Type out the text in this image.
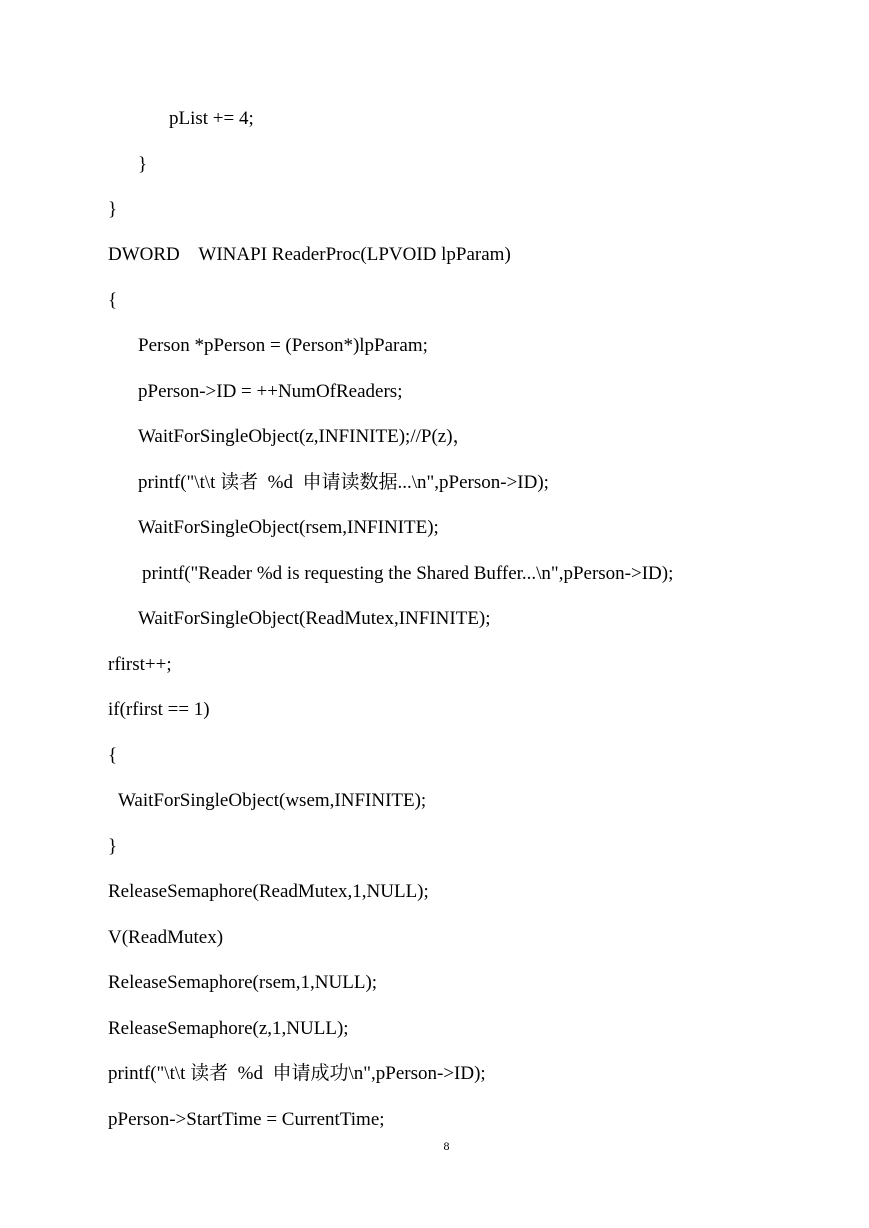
pList += 4;
}
}
DWORD    WINAPI ReaderProc(LPVOID lpParam)
{
Person *pPerson = (Person*)lpParam;
pPerson->ID = ++NumOfReaders;
WaitForSingleObject(z,INFINITE);//P(z)，
printf("\t\t 读者  %d  申请读数据...\n",pPerson->ID);
WaitForSingleObject(rsem,INFINITE);
printf("Reader %d is requesting the Shared Buffer...\n",pPerson->ID);
WaitForSingleObject(ReadMutex,INFINITE);
rfirst++;
if(rfirst == 1)
{
WaitForSingleObject(wsem,INFINITE);
}
ReleaseSemaphore(ReadMutex,1,NULL);
V(ReadMutex)
ReleaseSemaphore(rsem,1,NULL);
ReleaseSemaphore(z,1,NULL);
printf("\t\t 读者  %d  申请成功\n",pPerson->ID);
pPerson->StartTime = CurrentTime;
8
